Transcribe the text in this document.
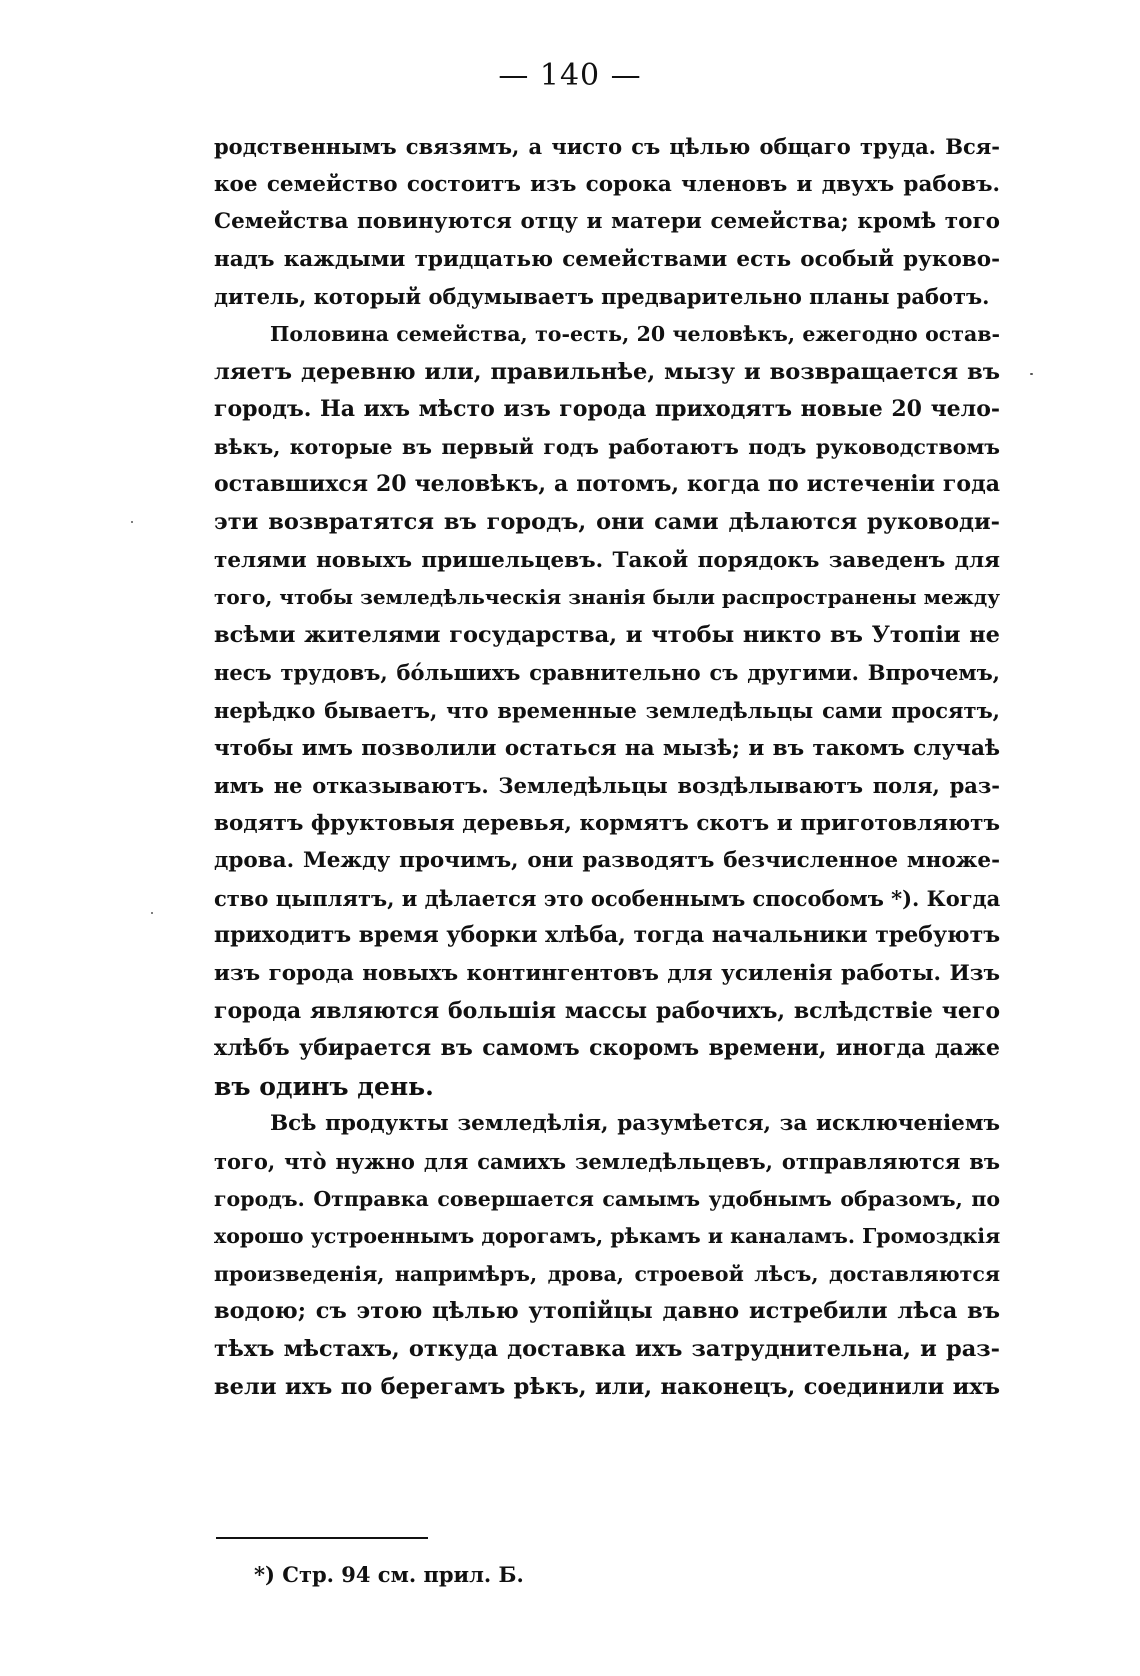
— 140 —
родственнымъ связямъ, а чисто съ цѣлью общаго труда. Вся-
кое семейство состоитъ изъ сорока членовъ и двухъ рабовъ.
Семейства повинуются отцу и матери семейства; кромѣ того
надъ каждыми тридцатью семействами есть особый руково-
дитель, который обдумываетъ предварительно планы работъ.
Половина семейства, то-есть, 20 человѣкъ, ежегодно остав-
ляетъ деревню или, правильнѣе, мызу и возвращается въ
городъ. На ихъ мѣсто изъ города приходятъ новые 20 чело-
вѣкъ, которые въ первый годъ работаютъ подъ руководствомъ
оставшихся 20 человѣкъ, а потомъ, когда по истеченіи года
эти возвратятся въ городъ, они сами дѣлаются руководи-
телями новыхъ пришельцевъ. Такой порядокъ заведенъ для
того, чтобы земледѣльческія знанія были распространены между
всѣми жителями государства, и чтобы никто въ Утопіи не
несъ трудовъ, бо́льшихъ сравнительно съ другими. Впрочемъ,
нерѣдко бываетъ, что временные земледѣльцы сами просятъ,
чтобы имъ позволили остаться на мызѣ; и въ такомъ случаѣ
имъ не отказываютъ. Земледѣльцы воздѣлываютъ поля, раз-
водятъ фруктовыя деревья, кормятъ скотъ и приготовляютъ
дрова. Между прочимъ, они разводятъ безчисленное множе-
ство цыплятъ, и дѣлается это особеннымъ способомъ *). Когда
приходитъ время уборки хлѣба, тогда начальники требуютъ
изъ города новыхъ контингентовъ для усиленія работы. Изъ
города являются большія массы рабочихъ, вслѣдствіе чего
хлѣбъ убирается въ самомъ скоромъ времени, иногда даже
въ одинъ день.
Всѣ продукты земледѣлія, разумѣется, за исключеніемъ
того, что̀ нужно для самихъ земледѣльцевъ, отправляются въ
городъ. Отправка совершается самымъ удобнымъ образомъ, по
хорошо устроеннымъ дорогамъ, рѣкамъ и каналамъ. Громоздкія
произведенія, напримѣръ, дрова, строевой лѣсъ, доставляются
водою; съ этою цѣлью утопійцы давно истребили лѣса въ
тѣхъ мѣстахъ, откуда доставка ихъ затруднительна, и раз-
вели ихъ по берегамъ рѣкъ, или, наконецъ, соединили ихъ
*) Стр. 94 см. прил. Б.
